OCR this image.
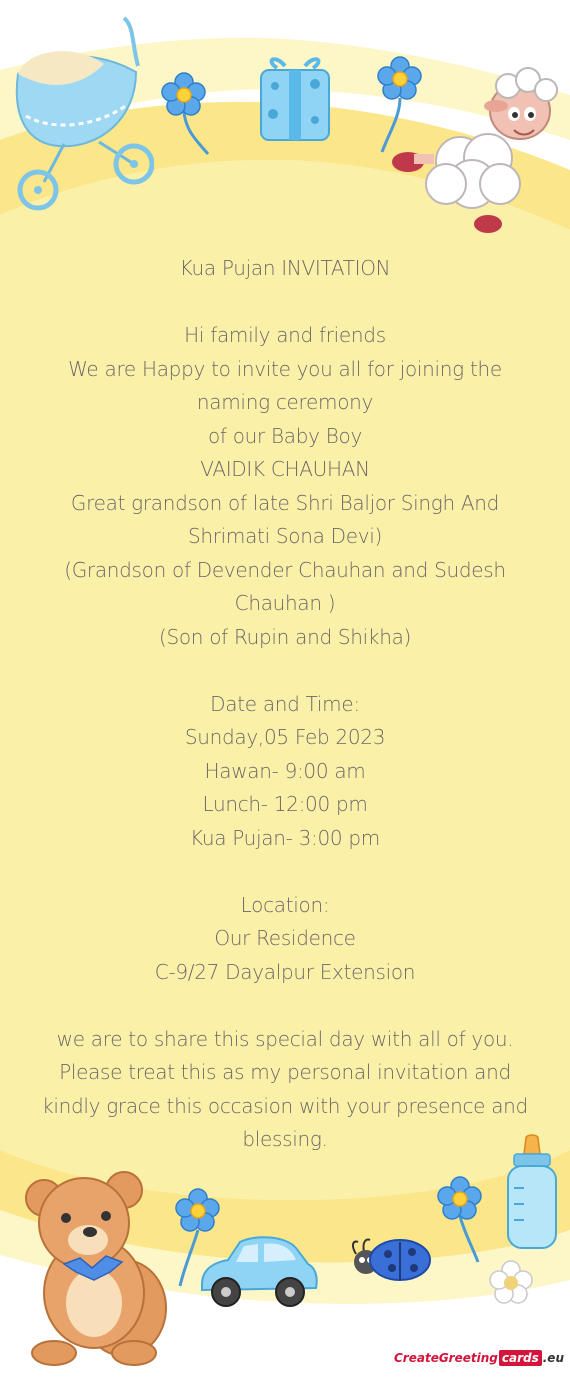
Kua Pujan INVITATION

Hi family and friends

We are Happy to invite you all for joining the

naming ceremony

of our Baby Boy

VAIDIK CHAUHAN

Great grandson of late Shri Baljor Singh And

Shrimati Sona Devi)

(Grandson of Devender Chauhan and Sudesh

Chauhan )

(Son of Rupin and Shikha)

Date and Time:

Sunday,05 Feb 2023

Hawan- 9:00 am

Lunch- 12:00 pm

Kua Pujan- 3:00 pm

Location:

Our Residence

C-9/27 Dayalpur Extension

we are to share this special day with all of you.

Please treat this as my personal invitation and

kindly grace this occasion with your presence and

blessing.

CreateGreeting cards .eu
